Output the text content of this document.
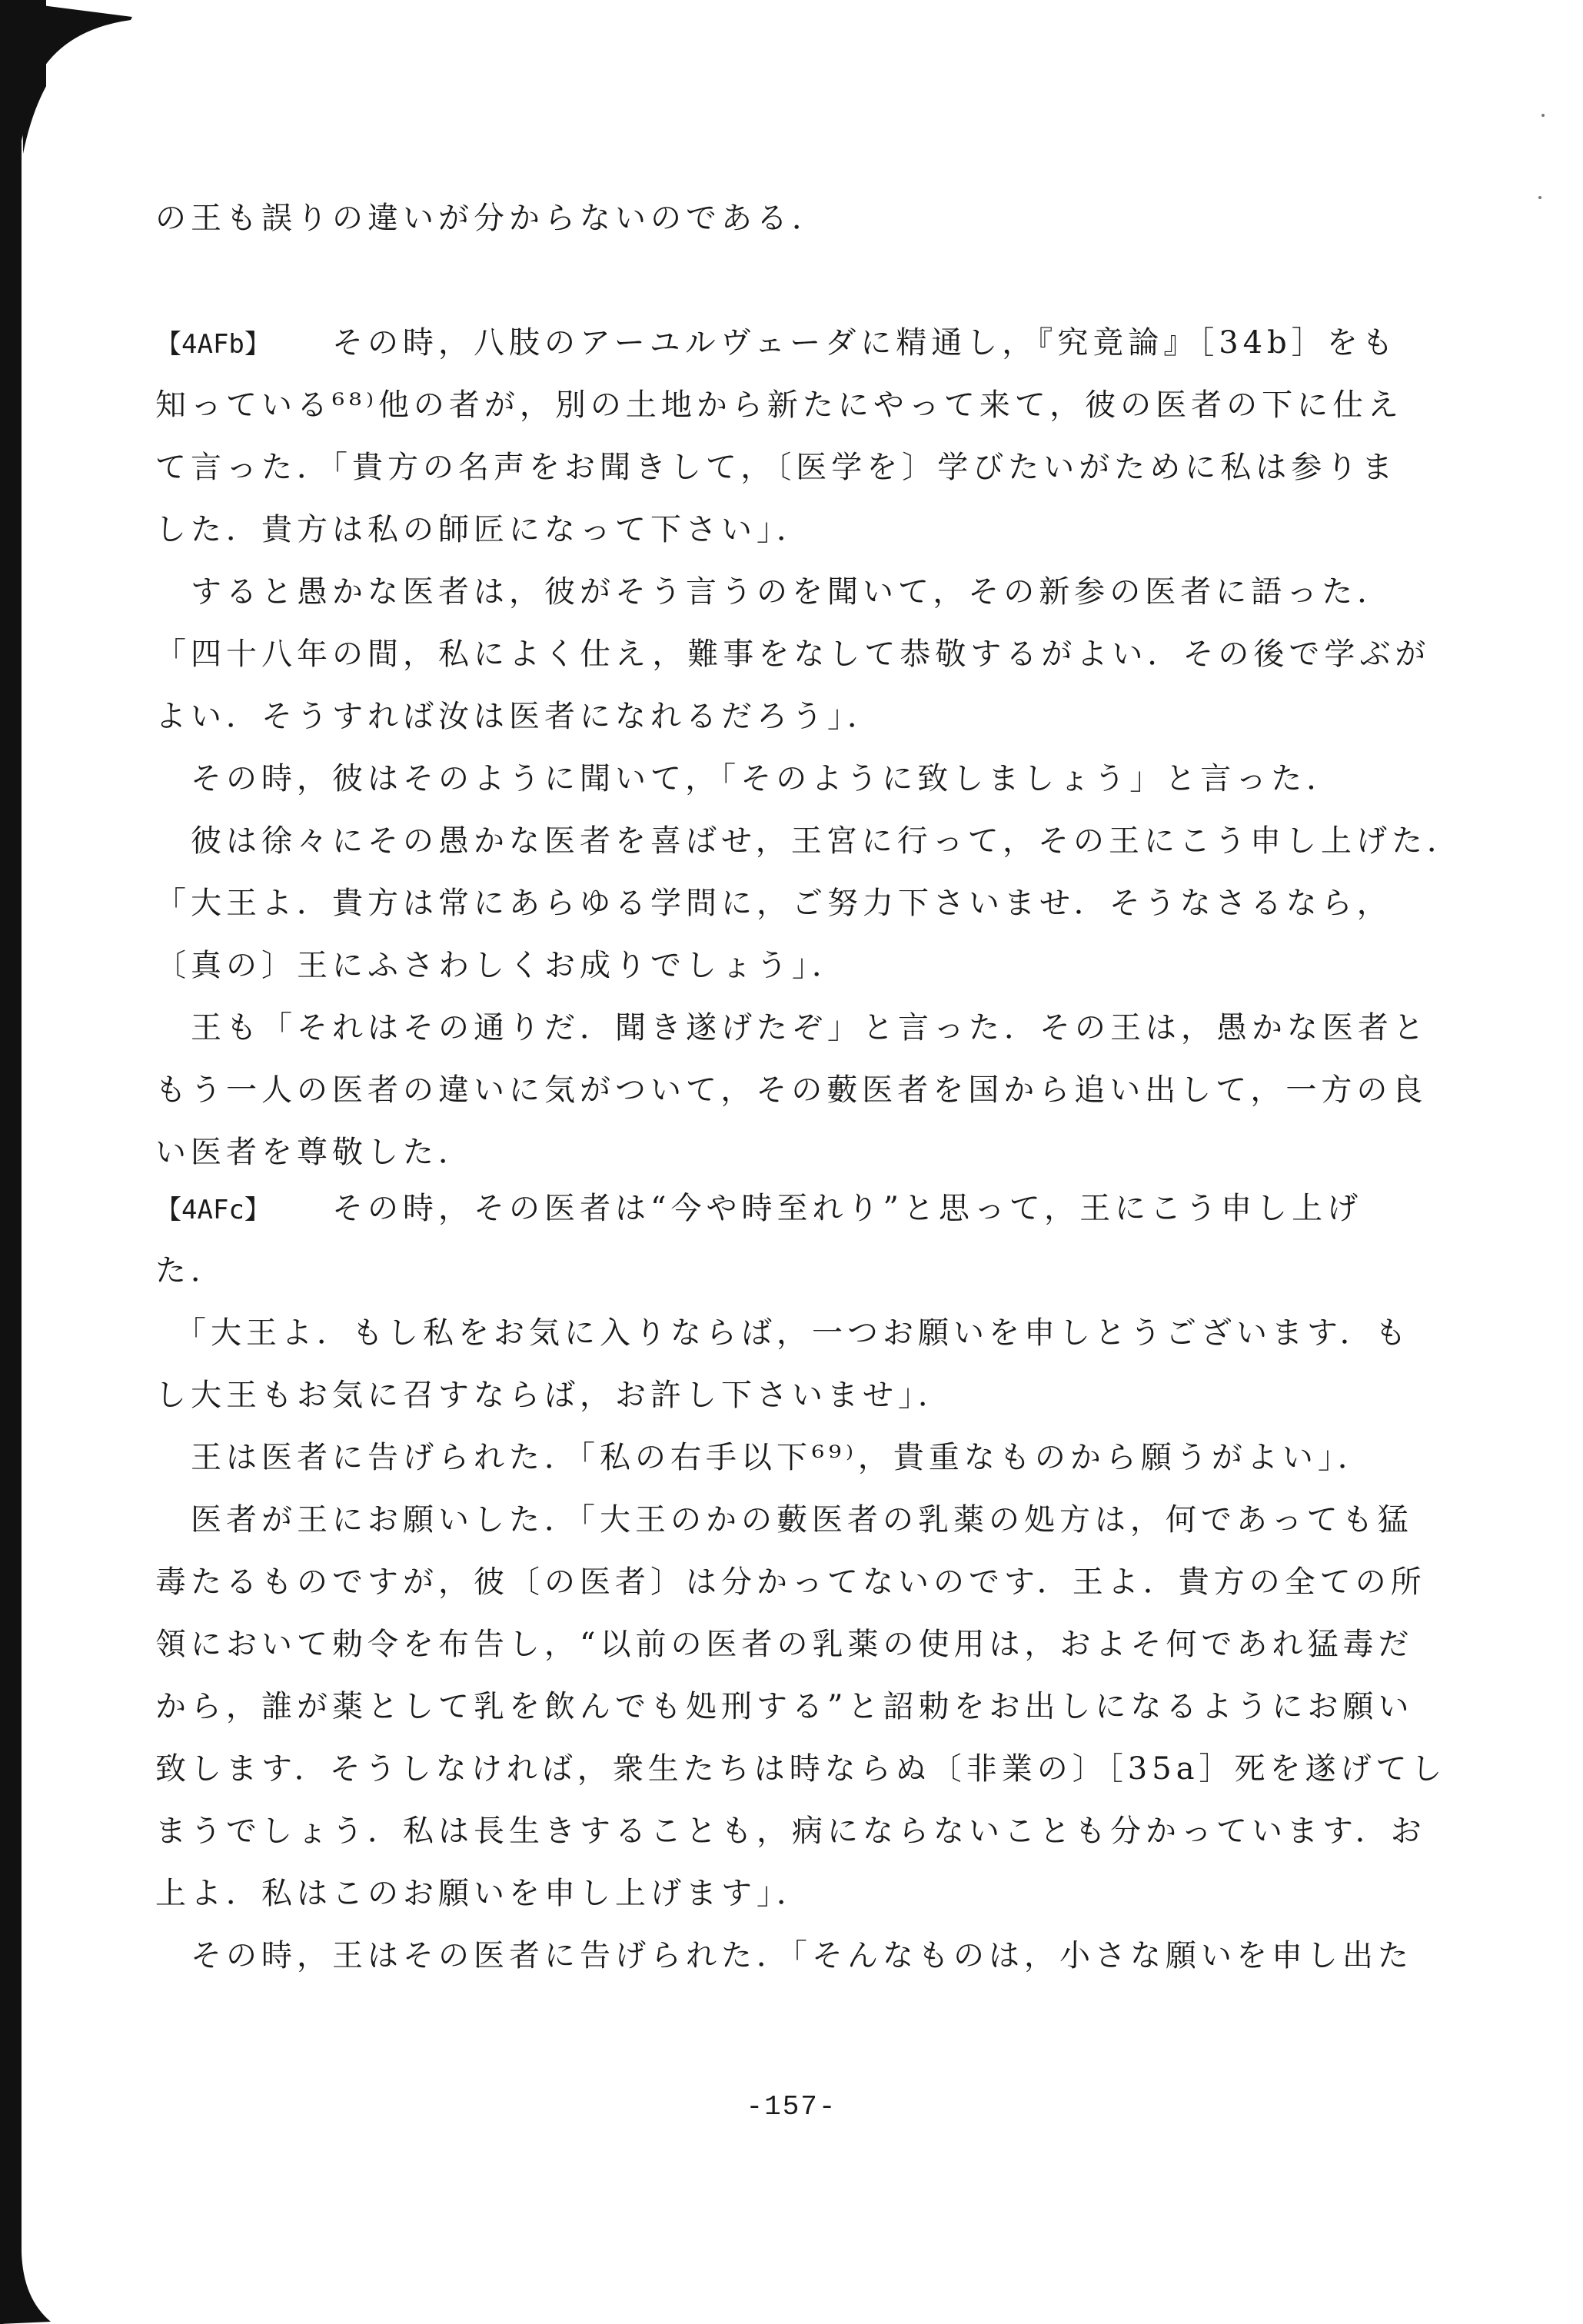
の王も誤りの違いが分からないのである．
【4AFb】 その時，八肢のアーユルヴェーダに精通し，『究竟論』［34b］をも
知っている⁶⁸⁾他の者が，別の土地から新たにやって来て，彼の医者の下に仕え
て言った．「貴方の名声をお聞きして，〔医学を〕学びたいがために私は参りま
した．貴方は私の師匠になって下さい」．
　すると愚かな医者は，彼がそう言うのを聞いて，その新参の医者に語った．
「四十八年の間，私によく仕え，難事をなして恭敬するがよい．その後で学ぶが
よい．そうすれば汝は医者になれるだろう」．
　その時，彼はそのように聞いて，「そのように致しましょう」と言った．
　彼は徐々にその愚かな医者を喜ばせ，王宮に行って，その王にこう申し上げた．
「大王よ．貴方は常にあらゆる学問に，ご努力下さいませ．そうなさるなら，
〔真の〕王にふさわしくお成りでしょう」．
　王も「それはその通りだ．聞き遂げたぞ」と言った．その王は，愚かな医者と
もう一人の医者の違いに気がついて，その藪医者を国から追い出して，一方の良
い医者を尊敬した．
【4AFc】 その時，その医者は“今や時至れり”と思って，王にこう申し上げ
た．
　「大王よ．もし私をお気に入りならば，一つお願いを申しとうございます．も
し大王もお気に召すならば，お許し下さいませ」．
　王は医者に告げられた．「私の右手以下⁶⁹⁾，貴重なものから願うがよい」．
　医者が王にお願いした．「大王のかの藪医者の乳薬の処方は，何であっても猛
毒たるものですが，彼〔の医者〕は分かってないのです．王よ．貴方の全ての所
領において勅令を布告し，“以前の医者の乳薬の使用は，およそ何であれ猛毒だ
から，誰が薬として乳を飲んでも処刑する”と詔勅をお出しになるようにお願い
致します．そうしなければ，衆生たちは時ならぬ〔非業の〕［35a］死を遂げてし
まうでしょう．私は長生きすることも，病にならないことも分かっています．お
上よ．私はこのお願いを申し上げます」．
　その時，王はその医者に告げられた．「そんなものは，小さな願いを申し出た
-157-
